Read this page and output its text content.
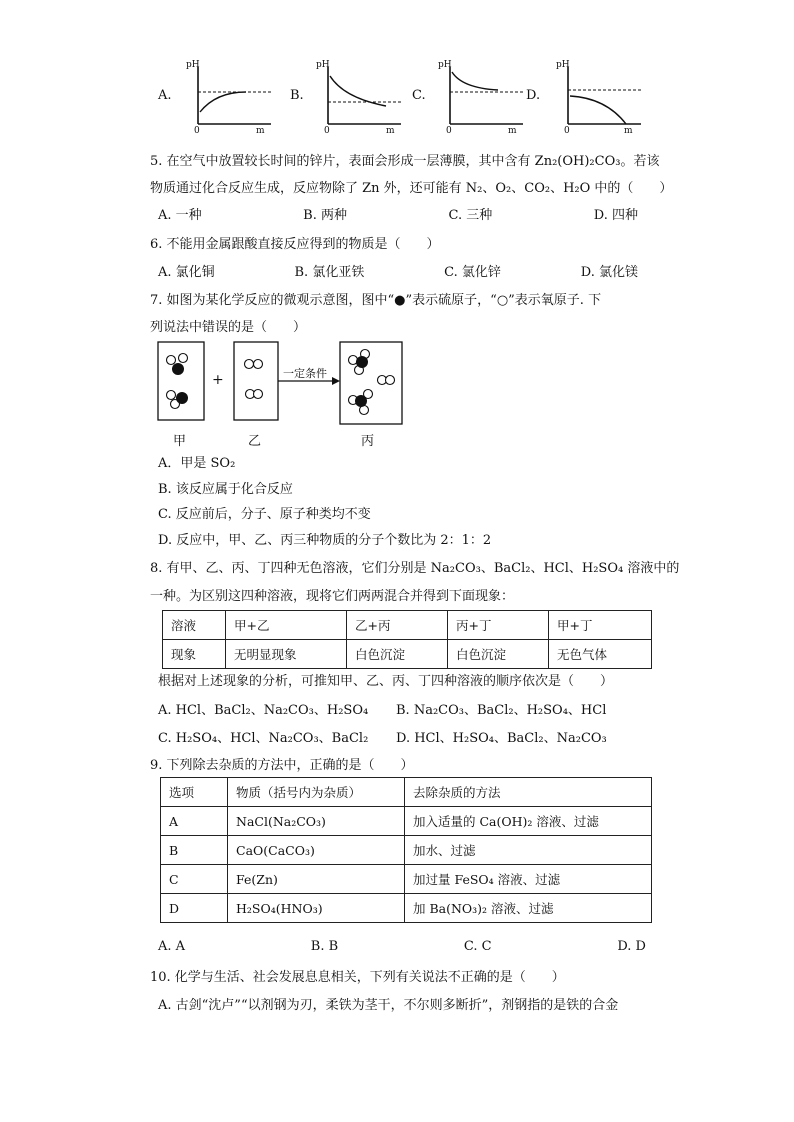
A.
pH
0	m
B.
pH
0	m
C.
pH
0	m
D.
pH
0	m
5. 在空气中放置较长时间的锌片，表面会形成一层薄膜，其中含有 Zn₂(OH)₂CO₃。若该
物质通过化合反应生成，反应物除了 Zn 外，还可能有 N₂、O₂、CO₂、H₂O 中的（　　）
A. 一种	B. 两种	C. 三种	D. 四种
6. 不能用金属跟酸直接反应得到的物质是（　　）
A. 氯化铜	B. 氯化亚铁	C. 氯化锌	D. 氯化镁
7. 如图为某化学反应的微观示意图，图中“●”表示硫原子，“○”表示氧原子. 下
列说法中错误的是（　　）
+	一定条件
甲	乙	丙
A．甲是 SO₂
B. 该反应属于化合反应
C. 反应前后，分子、原子种类均不变
D. 反应中，甲、乙、丙三种物质的分子个数比为 2：1：2
8. 有甲、乙、丙、丁四种无色溶液，它们分别是 Na₂CO₃、BaCl₂、HCl、H₂SO₄ 溶液中的
一种。为区别这四种溶液，现将它们两两混合并得到下面现象：
溶液	甲+乙	乙+丙	丙+丁	甲+丁
现象	无明显现象	白色沉淀	白色沉淀	无色气体
根据对上述现象的分析，可推知甲、乙、丙、丁四种溶液的顺序依次是（　　）
A. HCl、BaCl₂、Na₂CO₃、H₂SO₄ B. Na₂CO₃、BaCl₂、H₂SO₄、HCl
C. H₂SO₄、HCl、Na₂CO₃、BaCl₂ D. HCl、H₂SO₄、BaCl₂、Na₂CO₃
9. 下列除去杂质的方法中，正确的是（　　）
选项	物质（括号内为杂质）	去除杂质的方法
A	NaCl(Na₂CO₃)	加入适量的 Ca(OH)₂ 溶液、过滤
B	CaO(CaCO₃)	加水、过滤
C	Fe(Zn)	加过量 FeSO₄ 溶液、过滤
D	H₂SO₄(HNO₃)	加 Ba(NO₃)₂ 溶液、过滤
A. A	B. B	C. C	D. D
10. 化学与生活、社会发展息息相关，下列有关说法不正确的是（　　）
A. 古剑“沈卢”“以剂钢为刃，柔铁为茎干，不尔则多断折”，剂钢指的是铁的合金
